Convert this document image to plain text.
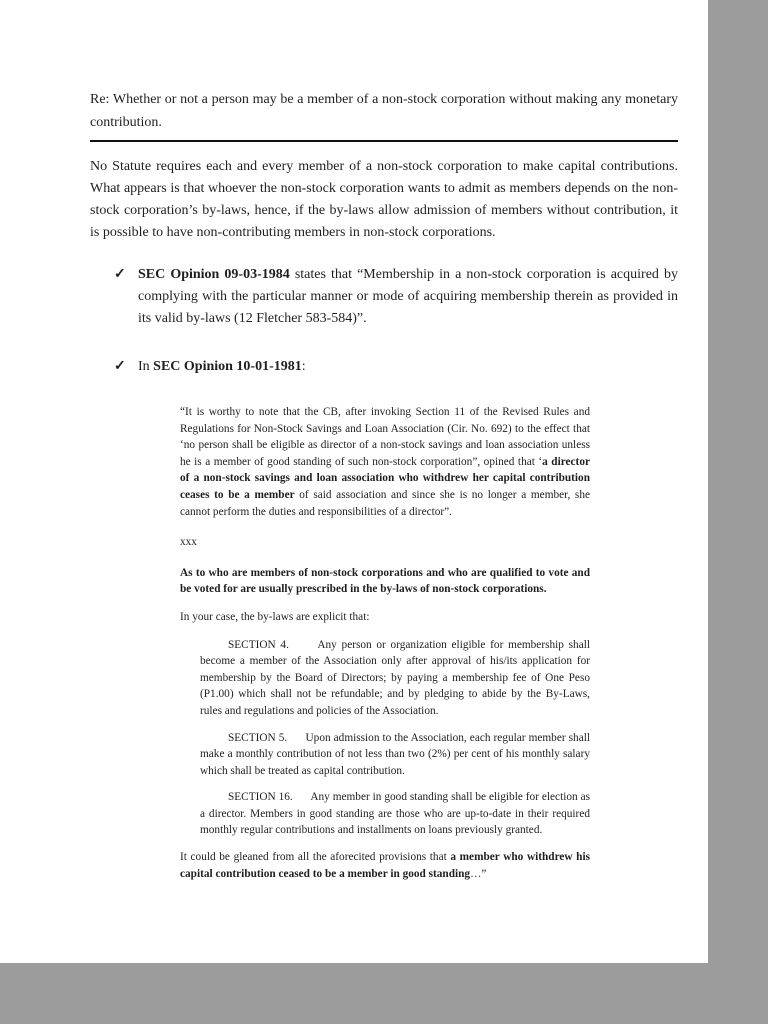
Re: Whether or not a person may be a member of a non-stock corporation without making any monetary contribution.

No Statute requires each and every member of a non-stock corporation to make capital contributions. What appears is that whoever the non-stock corporation wants to admit as members depends on the non-stock corporation’s by-laws, hence, if the by-laws allow admission of members without contribution, it is possible to have non-contributing members in non-stock corporations.

✓ SEC Opinion 09-03-1984 states that “Membership in a non-stock corporation is acquired by complying with the particular manner or mode of acquiring membership therein as provided in its valid by-laws (12 Fletcher 583-584)”.
✓ In SEC Opinion 10-01-1981:

“It is worthy to note that the CB, after invoking Section 11 of the Revised Rules and Regulations for Non-Stock Savings and Loan Association (Cir. No. 692) to the effect that ‘no person shall be eligible as director of a non-stock savings and loan association unless he is a member of good standing of such non-stock corporation”, opined that ‘a director of a non-stock savings and loan association who withdrew her capital contribution ceases to be a member of said association and since she is no longer a member, she cannot perform the duties and responsibilities of a director”.

xxx

As to who are members of non-stock corporations and who are qualified to vote and be voted for are usually prescribed in the by-laws of non-stock corporations.

In your case, the by-laws are explicit that:

SECTION 4.      Any person or organization eligible for membership shall become a member of the Association only after approval of his/its application for membership by the Board of Directors; by paying a membership fee of One Peso (P1.00) which shall not be refundable; and by pledging to abide by the By-Laws, rules and regulations and policies of the Association.

SECTION 5.      Upon admission to the Association, each regular member shall make a monthly contribution of not less than two (2%) per cent of his monthly salary which shall be treated as capital contribution.

SECTION 16.      Any member in good standing shall be eligible for election as a director. Members in good standing are those who are up-to-date in their required monthly regular contributions and installments on loans previously granted.

It could be gleaned from all the aforecited provisions that a member who withdrew his capital contribution ceased to be a member in good standing…”
